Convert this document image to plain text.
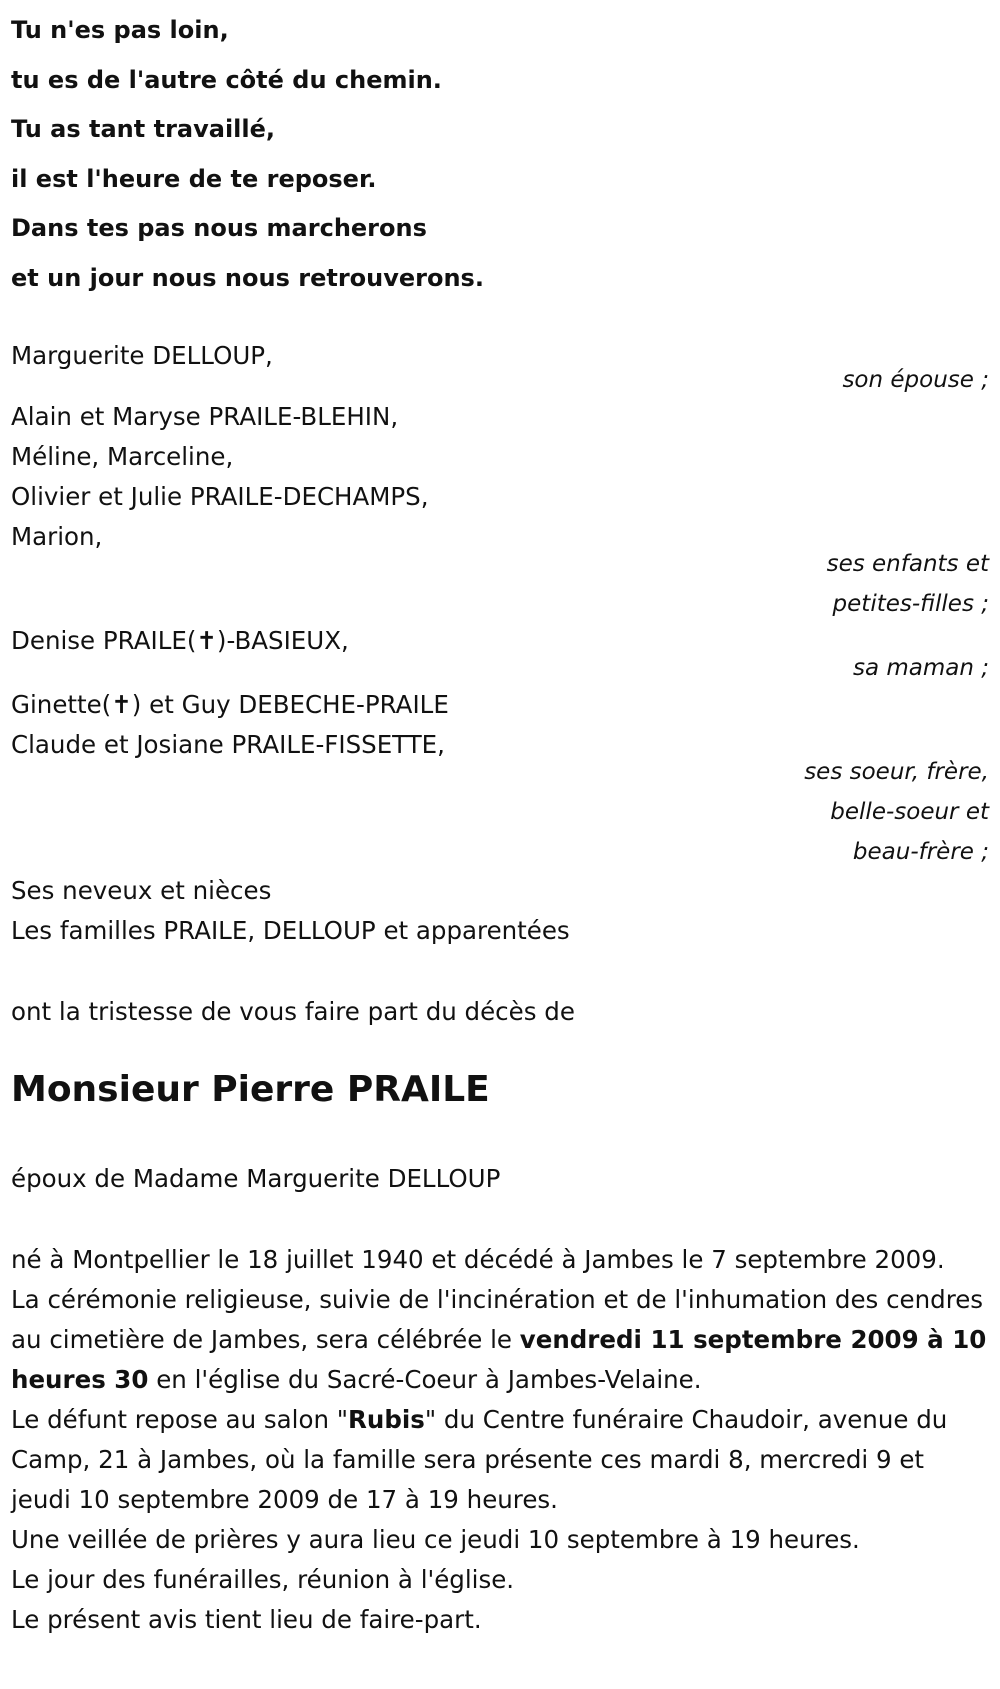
Tu n'es pas loin,
tu es de l'autre côté du chemin.
Tu as tant travaillé,
il est l'heure de te reposer.
Dans tes pas nous marcherons
et un jour nous nous retrouverons.
Marguerite DELLOUP,
son épouse ;
Alain et Maryse PRAILE-BLEHIN,
Méline, Marceline,
Olivier et Julie PRAILE-DECHAMPS,
Marion,
ses enfants et
petites-filles ;
Denise PRAILE(✝)-BASIEUX,
sa maman ;
Ginette(✝) et Guy DEBECHE-PRAILE
Claude et Josiane PRAILE-FISSETTE,
ses soeur, frère,
belle-soeur et
beau-frère ;
Ses neveux et nièces
Les familles PRAILE, DELLOUP et apparentées
ont la tristesse de vous faire part du décès de
Monsieur Pierre PRAILE
époux de Madame Marguerite DELLOUP
né à Montpellier le 18 juillet 1940 et décédé à Jambes le 7 septembre 2009.
La cérémonie religieuse, suivie de l'incinération et de l'inhumation des cendres au cimetière de Jambes, sera célébrée le vendredi 11 septembre 2009 à 10 heures 30 en l'église du Sacré-Coeur à Jambes-Velaine.
Le défunt repose au salon "Rubis" du Centre funéraire Chaudoir, avenue du Camp, 21 à Jambes, où la famille sera présente ces mardi 8, mercredi 9 et jeudi 10 septembre 2009 de 17 à 19 heures.
Une veillée de prières y aura lieu ce jeudi 10 septembre à 19 heures.
Le jour des funérailles, réunion à l'église.
Le présent avis tient lieu de faire-part.
